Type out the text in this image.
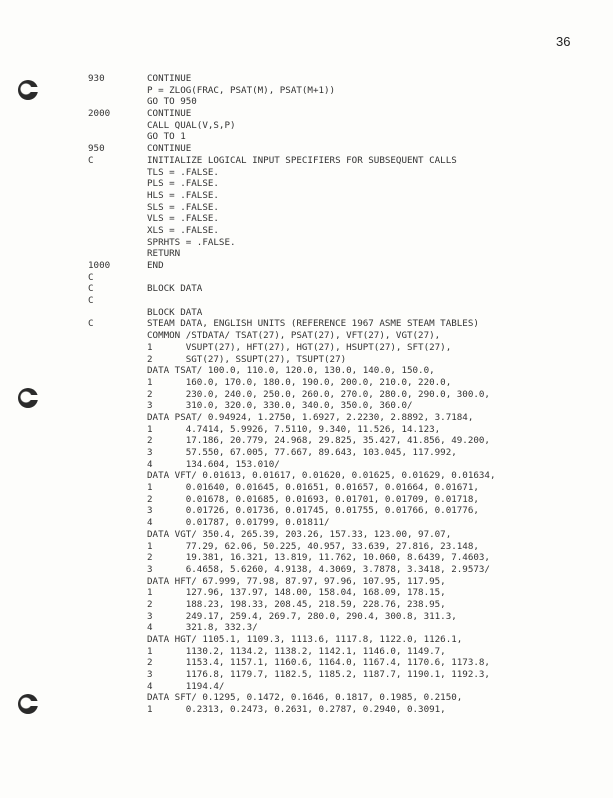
36
930	CONTINUE
P = ZLOG(FRAC, PSAT(M), PSAT(M+1))
GO TO 950
2000	CONTINUE
CALL QUAL(V,S,P)
GO TO 1
950	CONTINUE
C	INITIALIZE LOGICAL INPUT SPECIFIERS FOR SUBSEQUENT CALLS
TLS = .FALSE.
PLS = .FALSE.
HLS = .FALSE.
SLS = .FALSE.
VLS = .FALSE.
XLS = .FALSE.
SPRHTS = .FALSE.
RETURN
1000	END
C
C	BLOCK DATA
C
BLOCK DATA
C	STEAM DATA, ENGLISH UNITS (REFERENCE 1967 ASME STEAM TABLES)
COMMON /STDATA/ TSAT(27), PSAT(27), VFT(27), VGT(27),
1      VSUPT(27), HFT(27), HGT(27), HSUPT(27), SFT(27),
2      SGT(27), SSUPT(27), TSUPT(27)
DATA TSAT/ 100.0, 110.0, 120.0, 130.0, 140.0, 150.0,
1      160.0, 170.0, 180.0, 190.0, 200.0, 210.0, 220.0,
2      230.0, 240.0, 250.0, 260.0, 270.0, 280.0, 290.0, 300.0,
3      310.0, 320.0, 330.0, 340.0, 350.0, 360.0/
DATA PSAT/ 0.94924, 1.2750, 1.6927, 2.2230, 2.8892, 3.7184,
1      4.7414, 5.9926, 7.5110, 9.340, 11.526, 14.123,
2      17.186, 20.779, 24.968, 29.825, 35.427, 41.856, 49.200,
3      57.550, 67.005, 77.667, 89.643, 103.045, 117.992,
4      134.604, 153.010/
DATA VFT/ 0.01613, 0.01617, 0.01620, 0.01625, 0.01629, 0.01634,
1      0.01640, 0.01645, 0.01651, 0.01657, 0.01664, 0.01671,
2      0.01678, 0.01685, 0.01693, 0.01701, 0.01709, 0.01718,
3      0.01726, 0.01736, 0.01745, 0.01755, 0.01766, 0.01776,
4      0.01787, 0.01799, 0.01811/
DATA VGT/ 350.4, 265.39, 203.26, 157.33, 123.00, 97.07,
1      77.29, 62.06, 50.225, 40.957, 33.639, 27.816, 23.148,
2      19.381, 16.321, 13.819, 11.762, 10.060, 8.6439, 7.4603,
3      6.4658, 5.6260, 4.9138, 4.3069, 3.7878, 3.3418, 2.9573/
DATA HFT/ 67.999, 77.98, 87.97, 97.96, 107.95, 117.95,
1      127.96, 137.97, 148.00, 158.04, 168.09, 178.15,
2      188.23, 198.33, 208.45, 218.59, 228.76, 238.95,
3      249.17, 259.4, 269.7, 280.0, 290.4, 300.8, 311.3,
4      321.8, 332.3/
DATA HGT/ 1105.1, 1109.3, 1113.6, 1117.8, 1122.0, 1126.1,
1      1130.2, 1134.2, 1138.2, 1142.1, 1146.0, 1149.7,
2      1153.4, 1157.1, 1160.6, 1164.0, 1167.4, 1170.6, 1173.8,
3      1176.8, 1179.7, 1182.5, 1185.2, 1187.7, 1190.1, 1192.3,
4      1194.4/
DATA SFT/ 0.1295, 0.1472, 0.1646, 0.1817, 0.1985, 0.2150,
1      0.2313, 0.2473, 0.2631, 0.2787, 0.2940, 0.3091,
